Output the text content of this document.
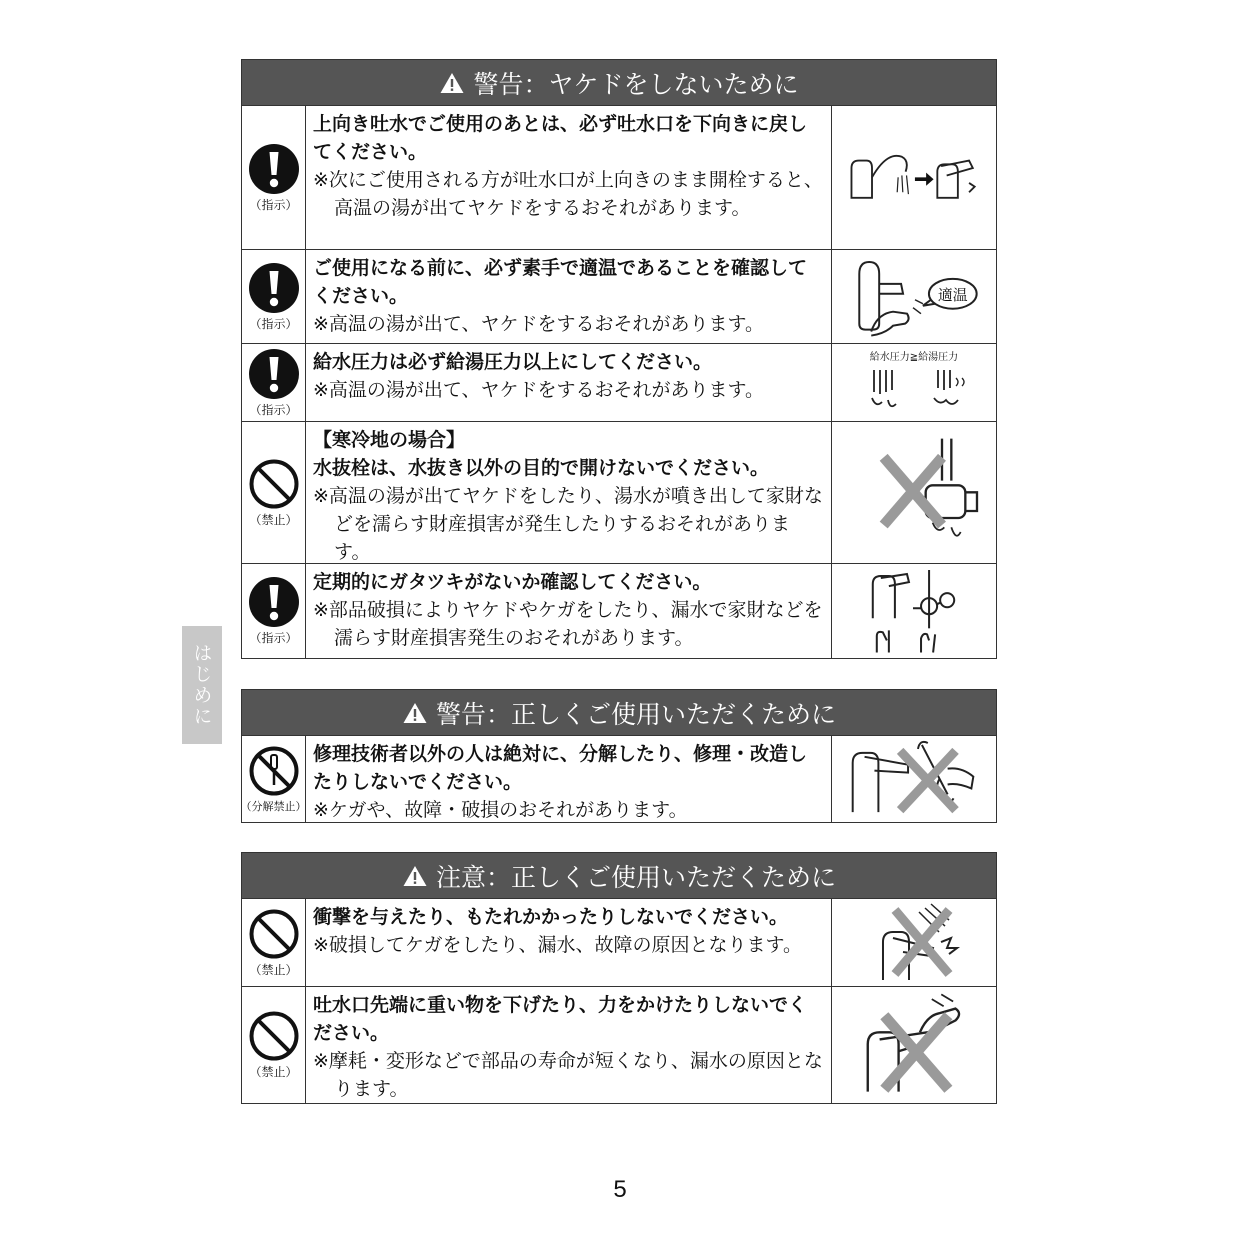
はじめに
警告：ヤケドをしないために
（指示）
上向き吐水でご使用のあとは、必ず吐水口を下向きに戻してください。
※次にご使用される方が吐水口が上向きのまま開栓すると、高温の湯が出てヤケドをするおそれがあります。
（指示）
ご使用になる前に、必ず素手で適温であることを確認してください。
※高温の湯が出て、ヤケドをするおそれがあります。
適温
（指示）
給水圧力は必ず給湯圧力以上にしてください。
※高温の湯が出て、ヤケドをするおそれがあります。
給水圧力≧給湯圧力
（禁止）
【寒冷地の場合】
水抜栓は、水抜き以外の目的で開けないでください。
※高温の湯が出てヤケドをしたり、湯水が噴き出して家財などを濡らす財産損害が発生したりするおそれがあります。
（指示）
定期的にガタツキがないか確認してください。
※部品破損によりヤケドやケガをしたり、漏水で家財などを濡らす財産損害発生のおそれがあります。
警告：正しくご使用いただくために
（分解禁止）
修理技術者以外の人は絶対に、分解したり、修理・改造したりしないでください。
※ケガや、故障・破損のおそれがあります。
注意：正しくご使用いただくために
（禁止）
衝撃を与えたり、もたれかかったりしないでください。
※破損してケガをしたり、漏水、故障の原因となります。
（禁止）
吐水口先端に重い物を下げたり、力をかけたりしないでください。
※摩耗・変形などで部品の寿命が短くなり、漏水の原因となります。
5
